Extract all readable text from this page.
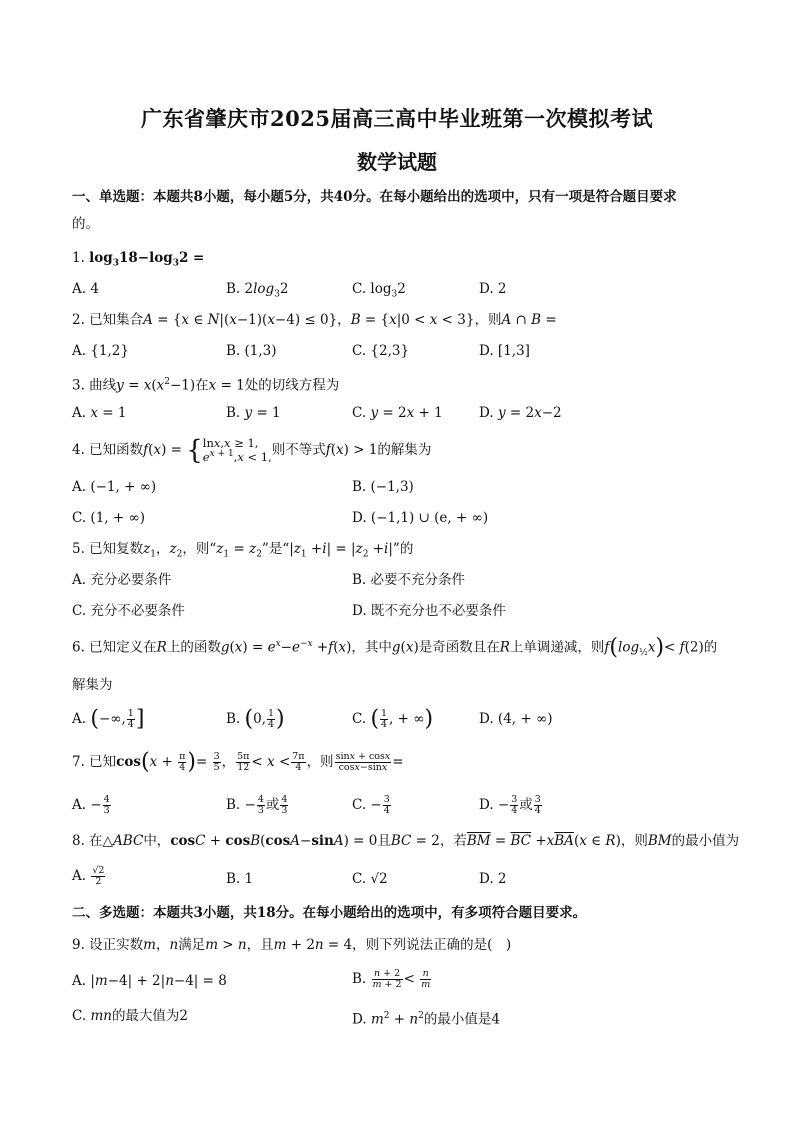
广东省肇庆市2025届高三高中毕业班第一次模拟考试
数学试题
一、单选题：本题共8小题，每小题5分，共40分。在每小题给出的选项中，只有一项是符合题目要求
的。
1. $\log_318-\log_32$ =
A. 4	B. $2\log_32$	C. $\log_32$	D. 2
2. 已知集合A = {x ∈ N|(x−1)(x−4) ≤ 0}，B = {x|0 < x < 3}，则A ∩ B =
A. {1,2}	B. (1,3)	C. {2,3}	D. [1,3]
3. 曲线$y = x(x^2-1)$在x = 1处的切线方程为
A. x = 1	B. y = 1	C. y = 2x + 1	D. y = 2x−2
4. 已知函数f(x) = {lnx,x ≥ 1,
$e^{x + 1},x < 1$,则不等式f(x) > 1的解集为
A. (−1, + ∞)	B. (−1,3)
C. (1, + ∞)	D. (−1,1) ∪ (e, + ∞)
5. 已知复数$z_1$，$z_2$，则“$z_1 = z_2$”是“$|z_1 +i| = |z_2 +i|$”的
A. 充分必要条件	B. 必要不充分条件
C. 充分不必要条件	D. 既不充分也不必要条件
6. 已知定义在R上的函数$g(x) = e^x-e^{-x} +f(x)$，其中g(x)是奇函数且在R上单调递减，则$f(\log_{\frac{1}{2}}x)< f(2)$的
解集为
A. (−∞, $\frac{1}{4}$ ]	B. (0, $\frac{1}{4}$ )	C. ( $\frac{1}{4}$ , + ∞)	D. (4, + ∞)
7. 已知$\cos(x + \frac{\pi}{4}$ )= $\frac{3}{5}$ ， $\frac{5\pi}{12} < x < \frac{7\pi}{4}$ ，则 $\frac{\sin x + \cos x}{\cos x-\sin x}$ =
A. − $\frac{4}{3}$	B. − $\frac{4}{3}$ 或 $\frac{4}{3}$	C. − $\frac{3}{4}$	D. − $\frac{3}{4}$ 或 $\frac{3}{4}$
8. 在△ABC中，cosC + cosB(cosA−sinA) = 0且BC = 2，若$\overline{BM} = \overline{BC} +x\overline{BA}(x$ ∈ R)，则BM的最小值为
A. $\frac{√2}{2}$	B. 1	C. √2	D. 2
二、多选题：本题共3小题，共18分。在每小题给出的选项中，有多项符合题目要求。
9. 设正实数m，n满足m > n，且m + 2n = 4，则下列说法正确的是(　)
A. |m−4| + 2|n−4| = 8	B. $\frac{n + 2}{m + 2} < \frac{n}{m}$
C. mn的最大值为2	D. $m^2 + n^2$的最小值是4
